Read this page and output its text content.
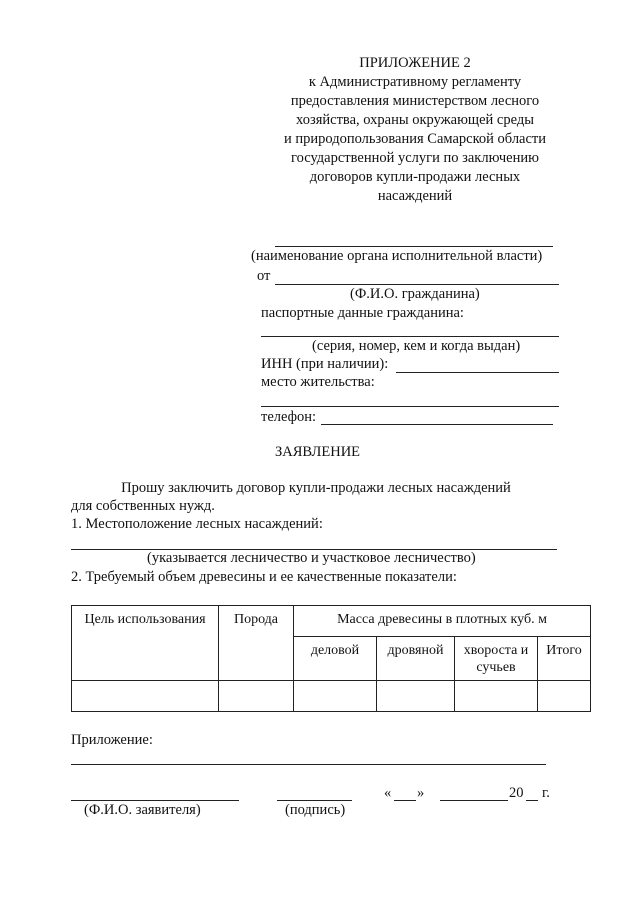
ПРИЛОЖЕНИЕ 2
к Административному регламенту
предоставления министерством лесного
хозяйства, охраны окружающей среды
и природопользования Самарской области
государственной услуги по заключению
договоров купли-продажи лесных
насаждений
(наименование органа исполнительной власти)
от
(Ф.И.О. гражданина)
паспортные данные гражданина:
(серия, номер, кем и когда выдан)
ИНН (при наличии):
место жительства:
телефон:
ЗАЯВЛЕНИЕ
Прошу заключить договор купли-продажи лесных насаждений
для собственных нужд.
1. Местоположение лесных насаждений:
(указывается лесничество и участковое лесничество)
2. Требуемый объем древесины и ее качественные показатели:
Цель использования	Порода	Масса древесины в плотных куб. м			
		деловой	дровяной	хвороста и
сучьев	Итого

Приложение:
« »	20 г.
(Ф.И.О. заявителя)	(подпись)
